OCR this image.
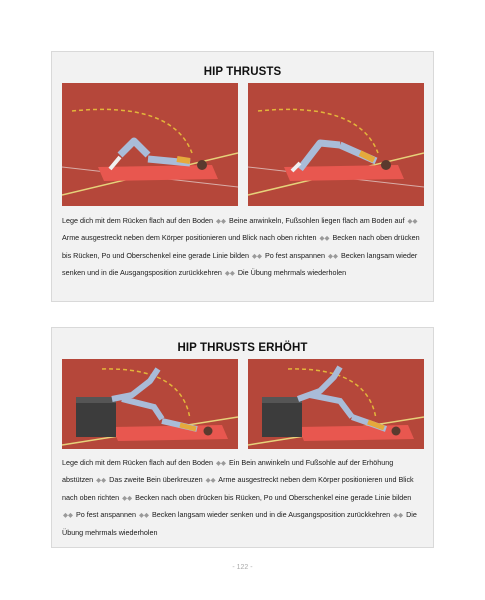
HIP THRUSTS

Lege dich mit dem Rücken flach auf den Boden ◆◆ Beine anwinkeln, Fußsohlen liegen flach am Boden auf ◆◆ Arme ausgestreckt neben dem Körper positionieren und Blick nach oben richten ◆◆ Becken nach oben drücken bis Rücken, Po und Oberschenkel eine gerade Linie bilden ◆◆ Po fest anspannen ◆◆ Becken langsam wieder senken und in die Ausgangsposition zurückkehren ◆◆ Die Übung mehrmals wiederholen

HIP THRUSTS ERHÖHT

Lege dich mit dem Rücken flach auf den Boden ◆◆ Ein Bein anwinkeln und Fußsohle auf der Erhöhung abstützen ◆◆ Das zweite Bein überkreuzen ◆◆ Arme ausgestreckt neben dem Körper positionieren und Blick nach oben richten ◆◆ Becken nach oben drücken bis Rücken, Po und Oberschenkel eine gerade Linie bilden ◆◆ Po fest anspannen ◆◆ Becken langsam wieder senken und in die Ausgangsposition zurückkehren ◆◆ Die Übung mehrmals wiederholen

- 122 -
